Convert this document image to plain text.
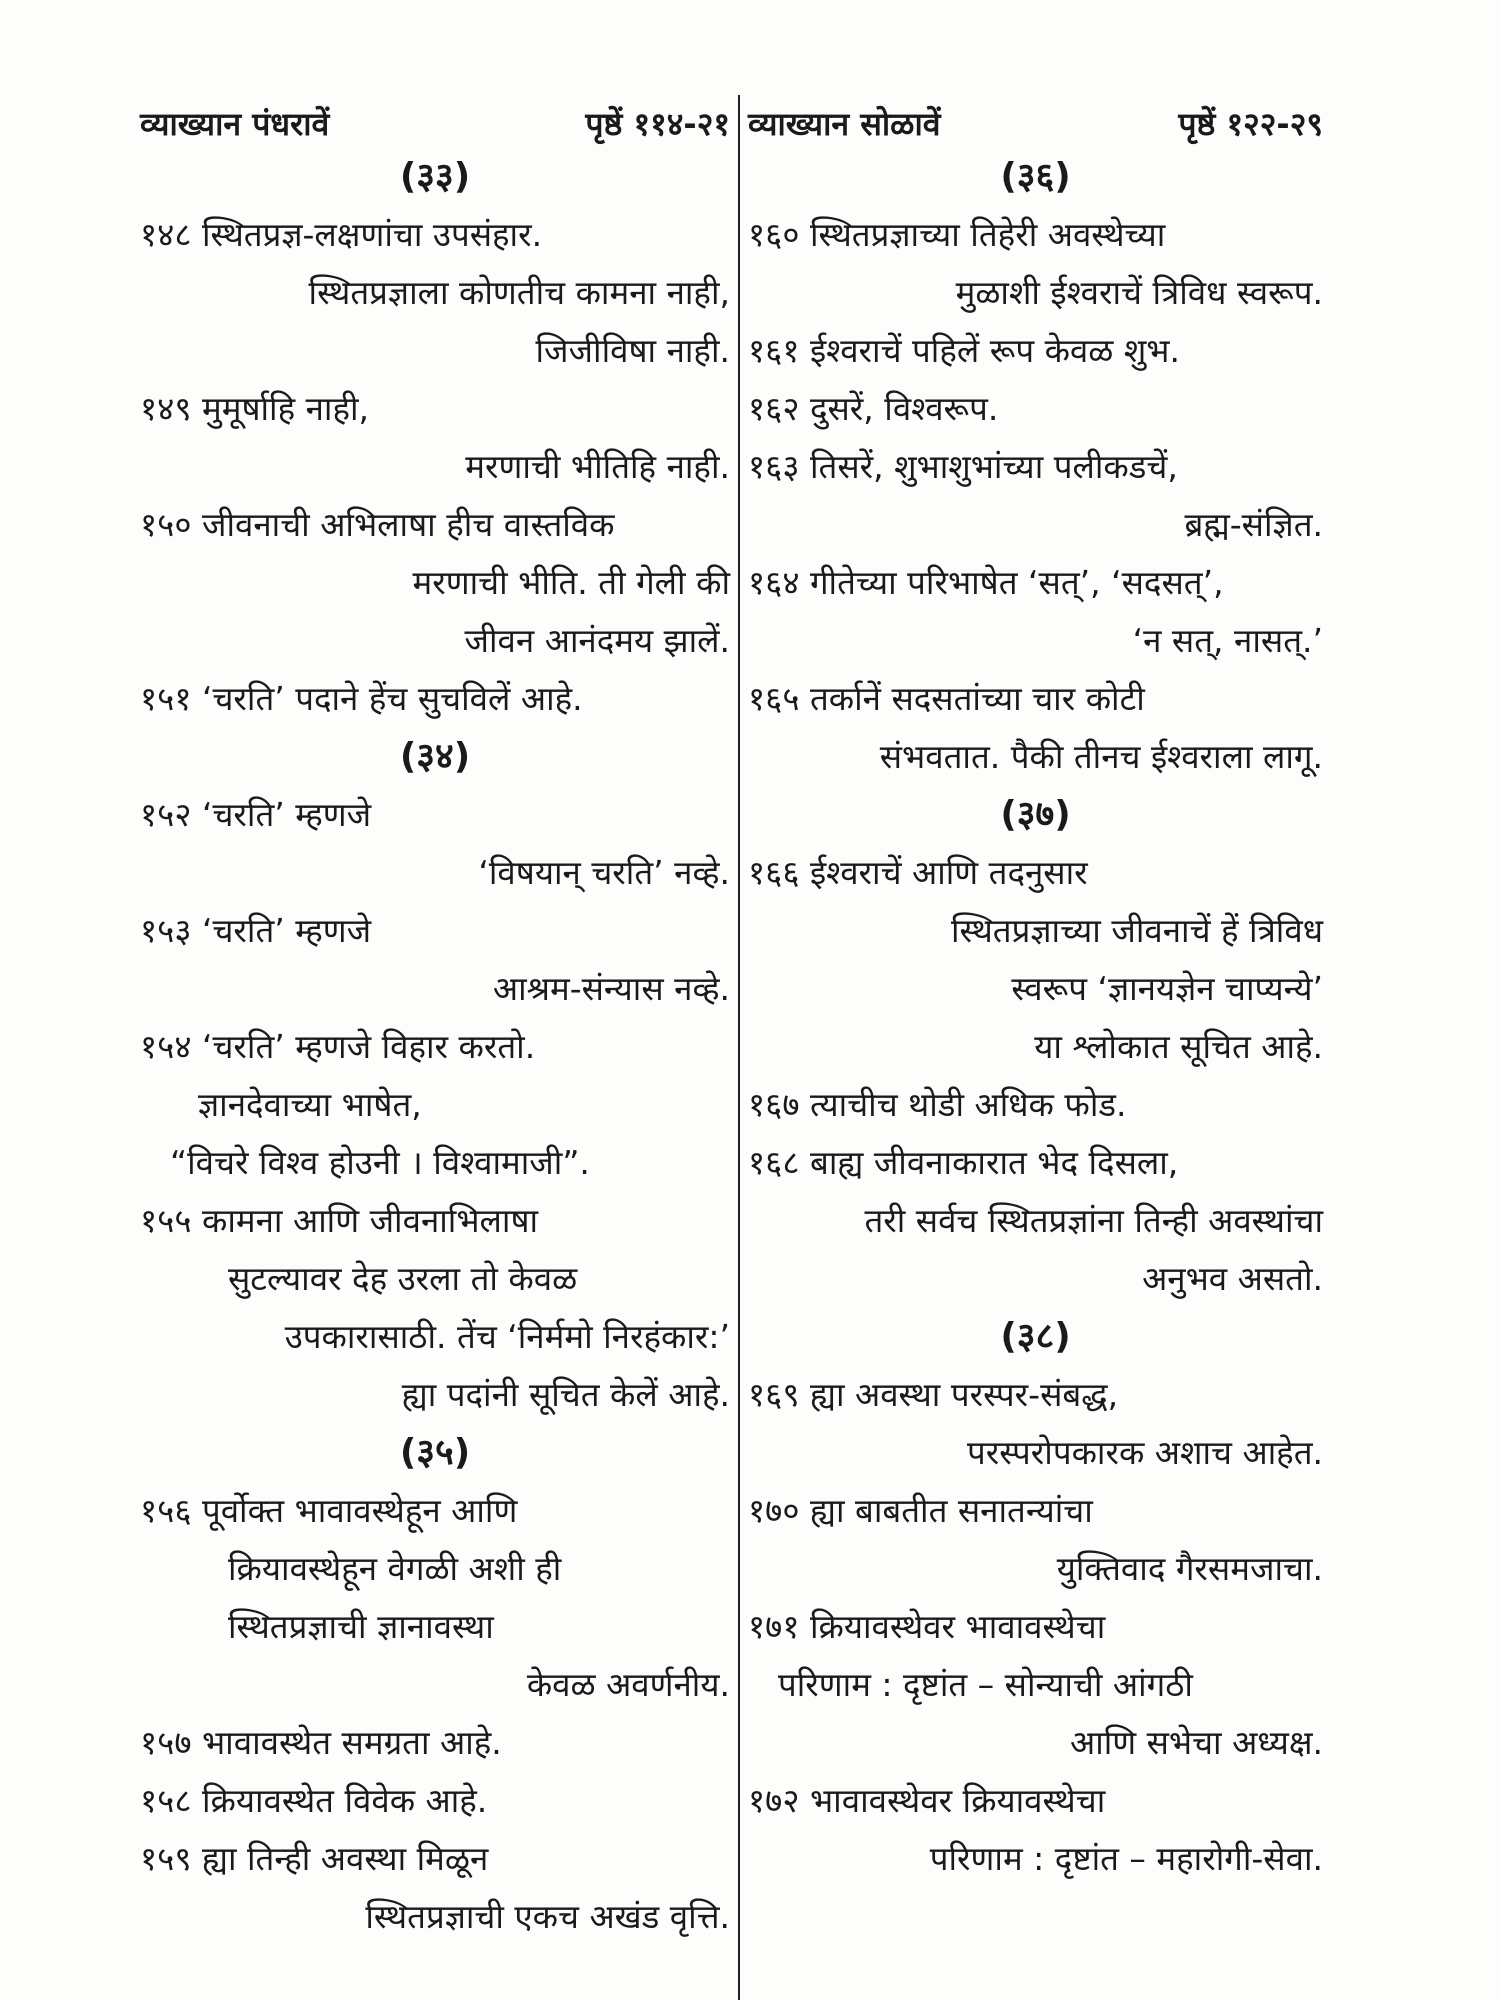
व्याख्यान पंधरावें	पृष्ठें ११४-२१
(३३)
१४८ स्थितप्रज्ञ-लक्षणांचा उपसंहार.
स्थितप्रज्ञाला कोणतीच कामना नाही,
जिजीविषा नाही.
१४९ मुमूर्षाहि नाही,
मरणाची भीतिहि नाही.
१५० जीवनाची अभिलाषा हीच वास्तविक
मरणाची भीति. ती गेली की
जीवन आनंदमय झालें.
१५१ ‘चरति’ पदाने हेंच सुचविलें आहे.
(३४)
१५२ ‘चरति’ म्हणजे
‘विषयान् चरति’ नव्हे.
१५३ ‘चरति’ म्हणजे
आश्रम-संन्यास नव्हे.
१५४ ‘चरति’ म्हणजे विहार करतो.
ज्ञानदेवाच्या भाषेत,
“विचरे विश्व होउनी । विश्वामाजी”.
१५५ कामना आणि जीवनाभिलाषा
सुटल्यावर देह उरला तो केवळ
उपकारासाठी. तेंच ‘निर्ममो निरहंकार:’
ह्या पदांनी सूचित केलें आहे.
(३५)
१५६ पूर्वोक्त भावावस्थेहून आणि
क्रियावस्थेहून वेगळी अशी ही
स्थितप्रज्ञाची ज्ञानावस्था
केवळ अवर्णनीय.
१५७ भावावस्थेत समग्रता आहे.
१५८ क्रियावस्थेत विवेक आहे.
१५९ ह्या तिन्ही अवस्था मिळून
स्थितप्रज्ञाची एकच अखंड वृत्ति.
व्याख्यान सोळावें	पृष्ठें १२२-२९
(३६)
१६० स्थितप्रज्ञाच्या तिहेरी अवस्थेच्या
मुळाशी ईश्वराचें त्रिविध स्वरूप.
१६१ ईश्वराचें पहिलें रूप केवळ शुभ.
१६२ दुसरें, विश्वरूप.
१६३ तिसरें, शुभाशुभांच्या पलीकडचें,
ब्रह्म-संज्ञित.
१६४ गीतेच्या परिभाषेत ‘सत्’, ‘सदसत्’,
‘न सत्, नासत्.’
१६५ तर्कानें सदसतांच्या चार कोटी
संभवतात. पैकी तीनच ईश्वराला लागू.
(३७)
१६६ ईश्वराचें आणि तदनुसार
स्थितप्रज्ञाच्या जीवनाचें हें त्रिविध
स्वरूप ‘ज्ञानयज्ञेन चाप्यन्ये’
या श्लोकात सूचित आहे.
१६७ त्याचीच थोडी अधिक फोड.
१६८ बाह्य जीवनाकारात भेद दिसला,
तरी सर्वच स्थितप्रज्ञांना तिन्ही अवस्थांचा
अनुभव असतो.
(३८)
१६९ ह्या अवस्था परस्पर-संबद्ध,
परस्परोपकारक अशाच आहेत.
१७० ह्या बाबतीत सनातन्यांचा
युक्तिवाद गैरसमजाचा.
१७१ क्रियावस्थेवर भावावस्थेचा
परिणाम : दृष्टांत – सोन्याची आंगठी
आणि सभेचा अध्यक्ष.
१७२ भावावस्थेवर क्रियावस्थेचा
परिणाम : दृष्टांत – महारोगी-सेवा.
